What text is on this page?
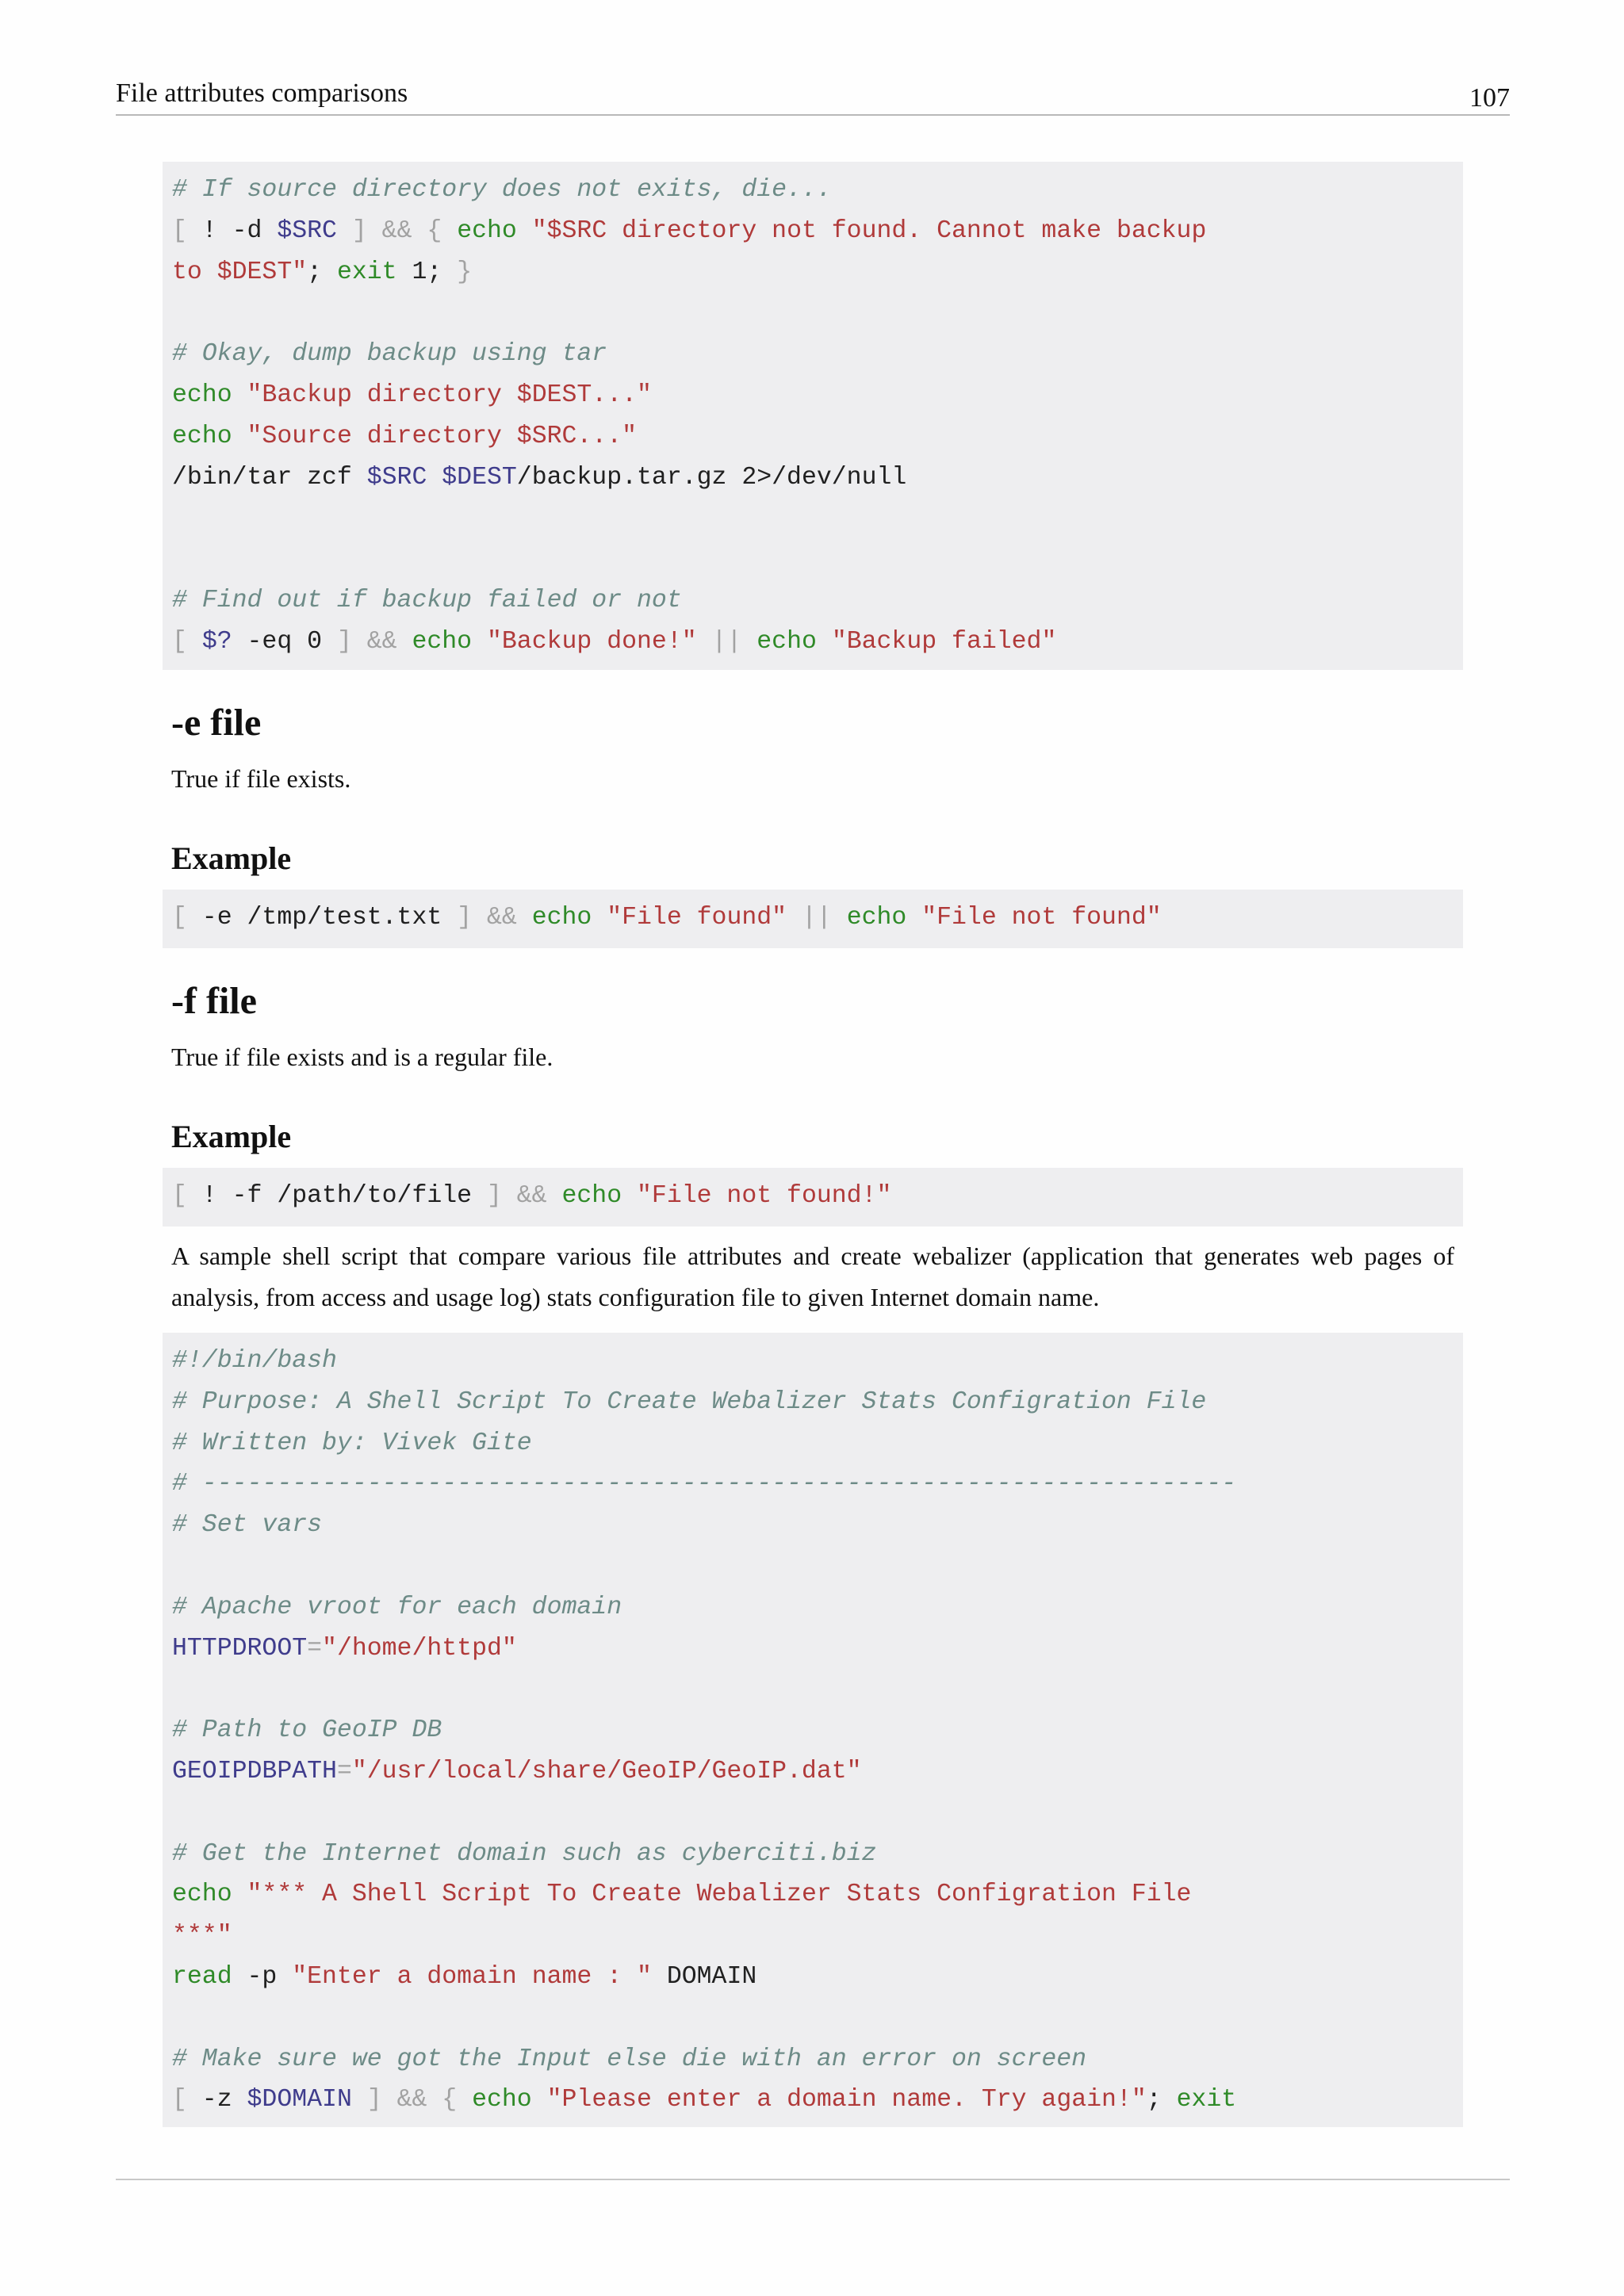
File attributes comparisons	107
# If source directory does not exits, die...
[ ! -d $SRC ] && { echo "$SRC directory not found. Cannot make backup
to $DEST"; exit 1; }
# Okay, dump backup using tar
echo "Backup directory $DEST..."
echo "Source directory $SRC..."
/bin/tar zcf $SRC $DEST/backup.tar.gz 2>/dev/null
# Find out if backup failed or not
[ $? -eq 0 ] && echo "Backup done!" || echo "Backup failed"
-e file
True if file exists.
Example
[ -e /tmp/test.txt ] && echo "File found" || echo "File not found"
-f file
True if file exists and is a regular file.
Example
[ ! -f /path/to/file ] && echo "File not found!"
A sample shell script that compare various file attributes and create webalizer (application that generates web pages of analysis, from access and usage log) stats configuration file to given Internet domain name.
#!/bin/bash
# Purpose: A Shell Script To Create Webalizer Stats Configration File
# Written by: Vivek Gite
# ---------------------------------------------------------------------
# Set vars
# Apache vroot for each domain
HTTPDROOT="/home/httpd"
# Path to GeoIP DB
GEOIPDBPATH="/usr/local/share/GeoIP/GeoIP.dat"
# Get the Internet domain such as cyberciti.biz
echo "*** A Shell Script To Create Webalizer Stats Configration File
***"
read -p "Enter a domain name : " DOMAIN
# Make sure we got the Input else die with an error on screen
[ -z $DOMAIN ] && { echo "Please enter a domain name. Try again!"; exit
